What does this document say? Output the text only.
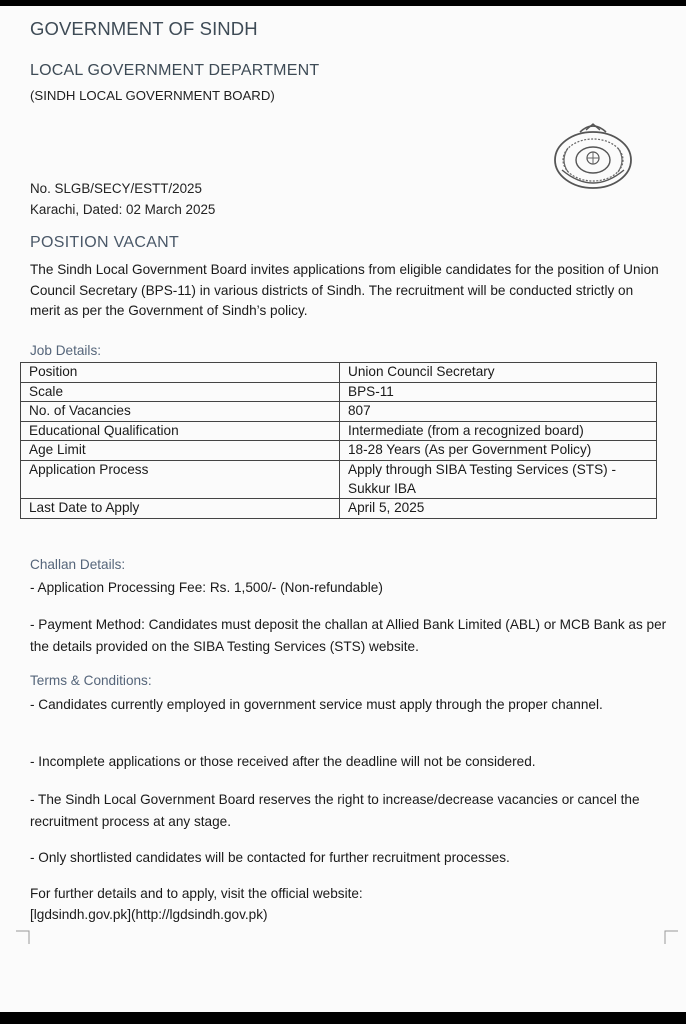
GOVERNMENT OF SINDH
LOCAL GOVERNMENT DEPARTMENT
(SINDH LOCAL GOVERNMENT BOARD)
No. SLGB/SECY/ESTT/2025
Karachi, Dated: 02 March 2025
POSITION VACANT
The Sindh Local Government Board invites applications from eligible candidates for the position of Union Council Secretary (BPS-11) in various districts of Sindh. The recruitment will be conducted strictly on merit as per the Government of Sindh’s policy.
Job Details:
Position	Union Council Secretary
Scale	BPS-11
No. of Vacancies	807
Educational Qualification	Intermediate (from a recognized board)
Age Limit	18-28 Years (As per Government Policy)
Application Process	Apply through SIBA Testing Services (STS) - Sukkur IBA
Last Date to Apply	April 5, 2025
Challan Details:
- Application Processing Fee: Rs. 1,500/- (Non-refundable)
- Payment Method: Candidates must deposit the challan at Allied Bank Limited (ABL) or MCB Bank as per the details provided on the SIBA Testing Services (STS) website.
Terms & Conditions:
- Candidates currently employed in government service must apply through the proper channel.
- Incomplete applications or those received after the deadline will not be considered.
- The Sindh Local Government Board reserves the right to increase/decrease vacancies or cancel the recruitment process at any stage.
- Only shortlisted candidates will be contacted for further recruitment processes.
For further details and to apply, visit the official website:
[lgdsindh.gov.pk](http://lgdsindh.gov.pk)
